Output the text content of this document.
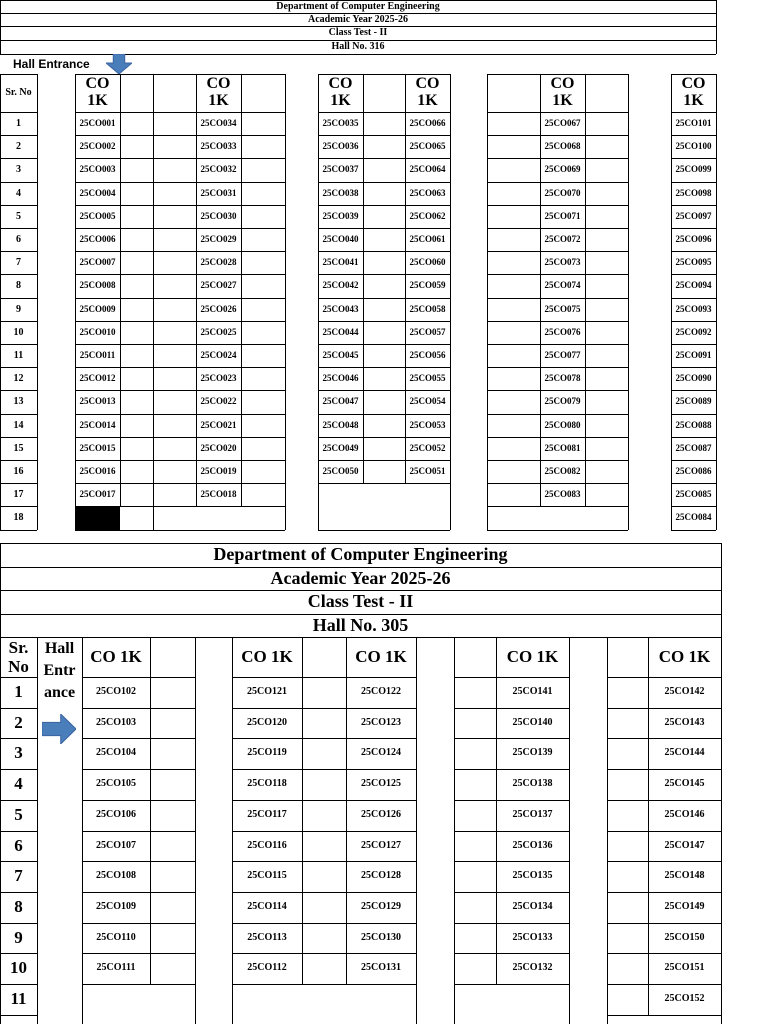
Department of Computer Engineering
Academic Year 2025-26
Class Test - II
Hall No. 316
Hall Entrance
Sr. No
1
2
3
4
5
6
7
8
9
10
11
12
13
14
15
16
17
18
CO
1K
25CO001
25CO002
25CO003
25CO004
25CO005
25CO006
25CO007
25CO008
25CO009
25CO010
25CO011
25CO012
25CO013
25CO014
25CO015
25CO016
25CO017
CO
1K
25CO034
25CO033
25CO032
25CO031
25CO030
25CO029
25CO028
25CO027
25CO026
25CO025
25CO024
25CO023
25CO022
25CO021
25CO020
25CO019
25CO018
CO
1K
25CO035
25CO036
25CO037
25CO038
25CO039
25CO040
25CO041
25CO042
25CO043
25CO044
25CO045
25CO046
25CO047
25CO048
25CO049
25CO050
CO
1K
25CO066
25CO065
25CO064
25CO063
25CO062
25CO061
25CO060
25CO059
25CO058
25CO057
25CO056
25CO055
25CO054
25CO053
25CO052
25CO051
CO
1K
25CO067
25CO068
25CO069
25CO070
25CO071
25CO072
25CO073
25CO074
25CO075
25CO076
25CO077
25CO078
25CO079
25CO080
25CO081
25CO082
25CO083
CO
1K
25CO101
25CO100
25CO099
25CO098
25CO097
25CO096
25CO095
25CO094
25CO093
25CO092
25CO091
25CO090
25CO089
25CO088
25CO087
25CO086
25CO085
25CO084
Department of Computer Engineering
Academic Year 2025-26
Class Test - II
Hall No. 305
Sr.
No
1
2
3
4
5
6
7
8
9
10
11
Hall
Entr
ance
CO 1K
25CO102
25CO103
25CO104
25CO105
25CO106
25CO107
25CO108
25CO109
25CO110
25CO111
CO 1K
25CO121
25CO120
25CO119
25CO118
25CO117
25CO116
25CO115
25CO114
25CO113
25CO112
CO 1K
25CO122
25CO123
25CO124
25CO125
25CO126
25CO127
25CO128
25CO129
25CO130
25CO131
CO 1K
25CO141
25CO140
25CO139
25CO138
25CO137
25CO136
25CO135
25CO134
25CO133
25CO132
CO 1K
25CO142
25CO143
25CO144
25CO145
25CO146
25CO147
25CO148
25CO149
25CO150
25CO151
25CO152
